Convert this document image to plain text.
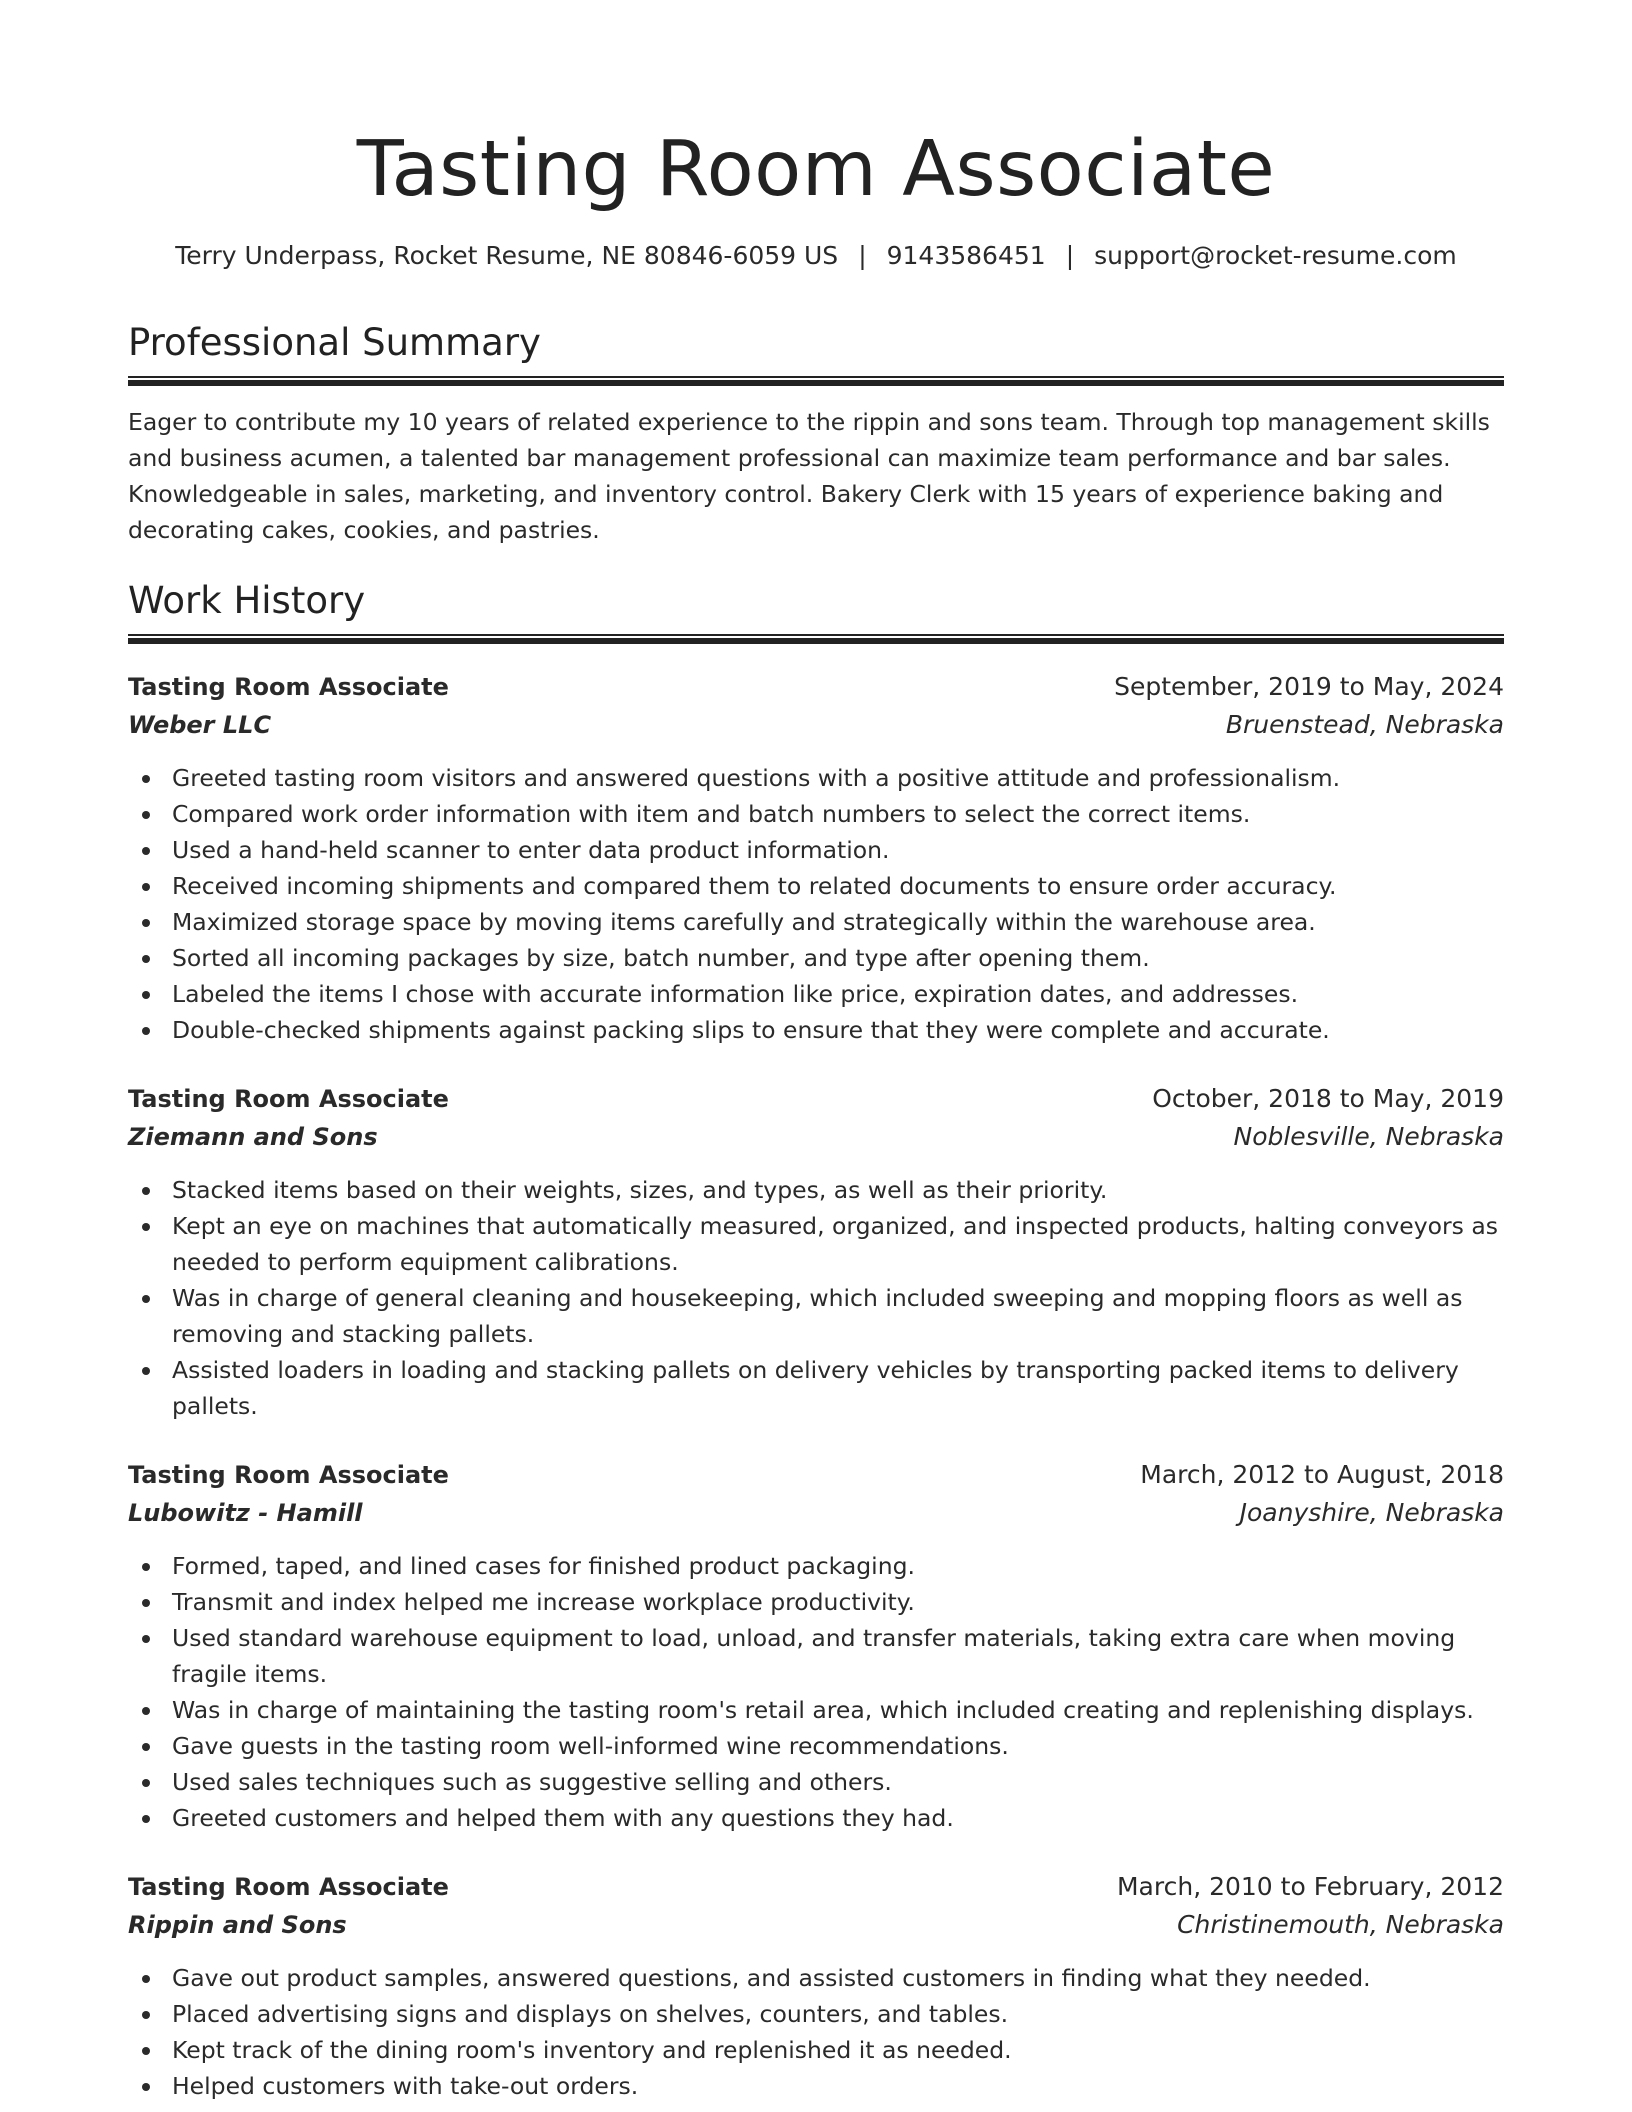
Tasting Room Associate
Terry Underpass, Rocket Resume, NE 80846-6059 US | 9143586451 | support@rocket-resume.com
Professional Summary
Eager to contribute my 10 years of related experience to the rippin and sons team. Through top management skills and business acumen, a talented bar management professional can maximize team performance and bar sales. Knowledgeable in sales, marketing, and inventory control. Bakery Clerk with 15 years of experience baking and decorating cakes, cookies, and pastries.
Work History
Tasting Room Associate	September, 2019 to May, 2024
Weber LLC	Bruenstead, Nebraska
Greeted tasting room visitors and answered questions with a positive attitude and professionalism.
Compared work order information with item and batch numbers to select the correct items.
Used a hand-held scanner to enter data product information.
Received incoming shipments and compared them to related documents to ensure order accuracy.
Maximized storage space by moving items carefully and strategically within the warehouse area.
Sorted all incoming packages by size, batch number, and type after opening them.
Labeled the items I chose with accurate information like price, expiration dates, and addresses.
Double-checked shipments against packing slips to ensure that they were complete and accurate.
Tasting Room Associate	October, 2018 to May, 2019
Ziemann and Sons	Noblesville, Nebraska
Stacked items based on their weights, sizes, and types, as well as their priority.
Kept an eye on machines that automatically measured, organized, and inspected products, halting conveyors as needed to perform equipment calibrations.
Was in charge of general cleaning and housekeeping, which included sweeping and mopping floors as well as removing and stacking pallets.
Assisted loaders in loading and stacking pallets on delivery vehicles by transporting packed items to delivery pallets.
Tasting Room Associate	March, 2012 to August, 2018
Lubowitz - Hamill	Joanyshire, Nebraska
Formed, taped, and lined cases for finished product packaging.
Transmit and index helped me increase workplace productivity.
Used standard warehouse equipment to load, unload, and transfer materials, taking extra care when moving fragile items.
Was in charge of maintaining the tasting room's retail area, which included creating and replenishing displays.
Gave guests in the tasting room well-informed wine recommendations.
Used sales techniques such as suggestive selling and others.
Greeted customers and helped them with any questions they had.
Tasting Room Associate	March, 2010 to February, 2012
Rippin and Sons	Christinemouth, Nebraska
Gave out product samples, answered questions, and assisted customers in finding what they needed.
Placed advertising signs and displays on shelves, counters, and tables.
Kept track of the dining room's inventory and replenished it as needed.
Helped customers with take-out orders.
